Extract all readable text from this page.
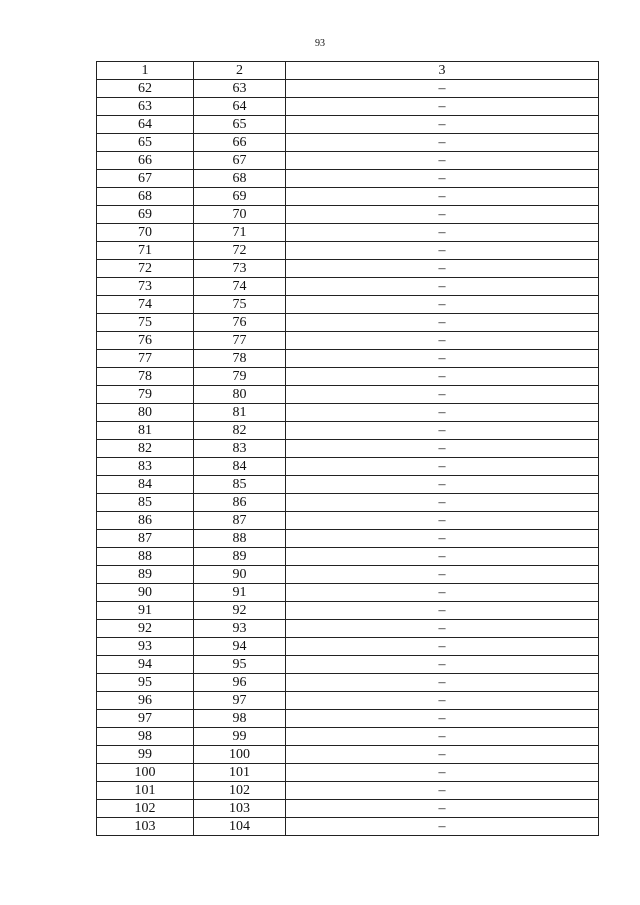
93
1	2	3
62	63	–
63	64	–
64	65	–
65	66	–
66	67	–
67	68	–
68	69	–
69	70	–
70	71	–
71	72	–
72	73	–
73	74	–
74	75	–
75	76	–
76	77	–
77	78	–
78	79	–
79	80	–
80	81	–
81	82	–
82	83	–
83	84	–
84	85	–
85	86	–
86	87	–
87	88	–
88	89	–
89	90	–
90	91	–
91	92	–
92	93	–
93	94	–
94	95	–
95	96	–
96	97	–
97	98	–
98	99	–
99	100	–
100	101	–
101	102	–
102	103	–
103	104	–
